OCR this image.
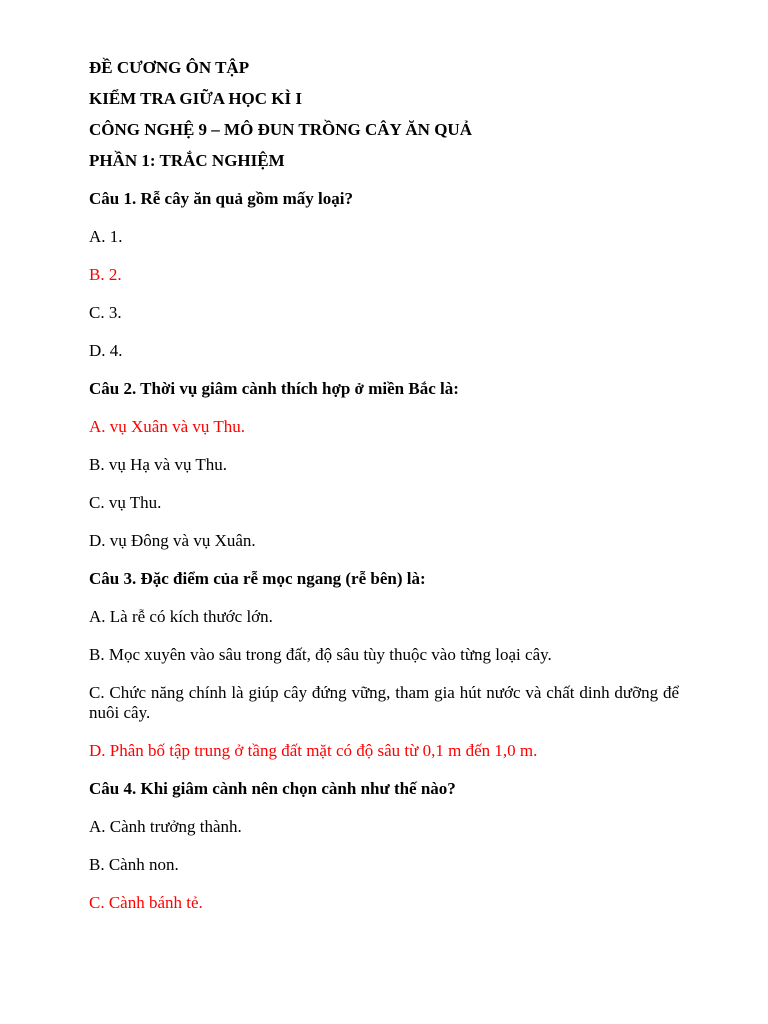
ĐỀ CƯƠNG ÔN TẬP
KIỂM TRA GIỮA HỌC KÌ I
CÔNG NGHỆ 9 – MÔ ĐUN TRỒNG CÂY ĂN QUẢ
PHẦN 1: TRẮC NGHIỆM
Câu 1. Rễ cây ăn quả gồm mấy loại?
A. 1.
B. 2.
C. 3.
D. 4.
Câu 2. Thời vụ giâm cành thích hợp ở miền Bắc là:
A. vụ Xuân và vụ Thu.
B. vụ Hạ và vụ Thu.
C. vụ Thu.
D. vụ Đông và vụ Xuân.
Câu 3. Đặc điểm của rễ mọc ngang (rễ bên) là:
A. Là rễ có kích thước lớn.
B. Mọc xuyên vào sâu trong đất, độ sâu tùy thuộc vào từng loại cây.
C. Chức năng chính là giúp cây đứng vững, tham gia hút nước và chất dinh dưỡng để nuôi cây.
D. Phân bố tập trung ở tầng đất mặt có độ sâu từ 0,1 m đến 1,0 m.
Câu 4. Khi giâm cành nên chọn cành như thế nào?
A. Cành trưởng thành.
B. Cành non.
C. Cành bánh tẻ.
